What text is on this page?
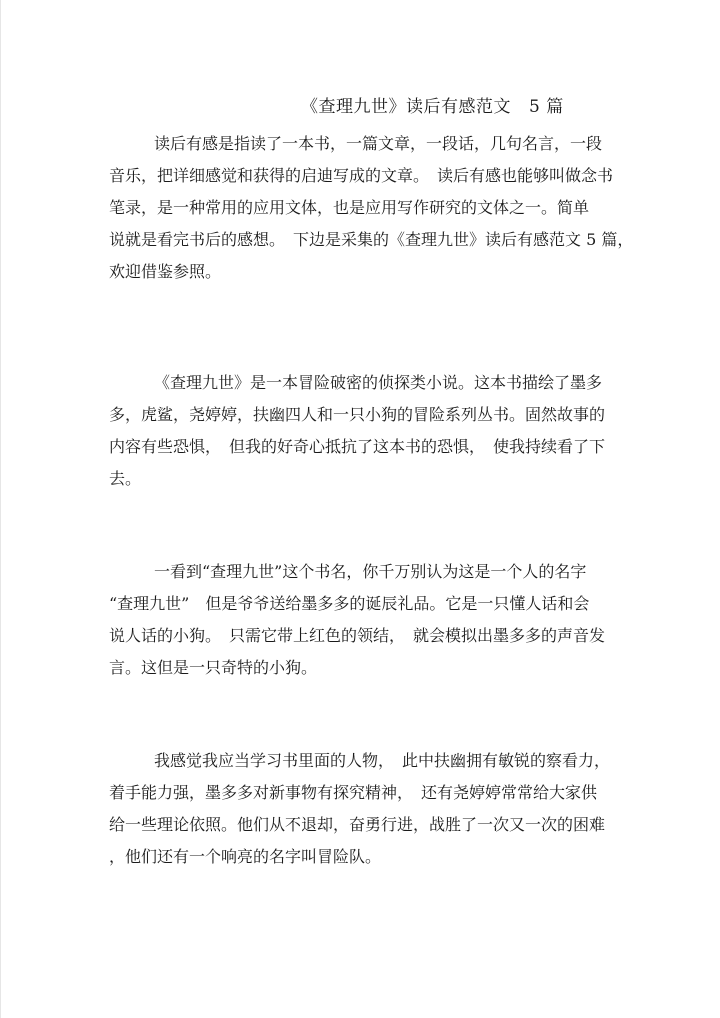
《查理九世》读后有感范文 5 篇
读后有感是指读了一本书，一篇文章，一段话，几句名言，一段
音乐，把详细感觉和获得的启迪写成的文章。　读后有感也能够叫做念书
笔录，是一种常用的应用文体，也是应用写作研究的文体之一。简单
说就是看完书后的感想。　下边是采集的《查理九世》读后有感范文 5 篇，
欢迎借鉴参照。
《查理九世》是一本冒险破密的侦探类小说。这本书描绘了墨多
多，虎鲨，尧婷婷，扶幽四人和一只小狗的冒险系列丛书。固然故事的
内容有些恐惧，　但我的好奇心抵抗了这本书的恐惧，　使我持续看了下
去。
一看到“查理九世”这个书名，你千万别认为这是一个人的名字
“查理九世”　但是爷爷送给墨多多的诞辰礼品。它是一只懂人话和会
说人话的小狗。　只需它带上红色的领结，　就会模拟出墨多多的声音发
言。这但是一只奇特的小狗。
我感觉我应当学习书里面的人物，　此中扶幽拥有敏锐的察看力，
着手能力强，墨多多对新事物有探究精神，　还有尧婷婷常常给大家供
给一些理论依照。他们从不退却，奋勇行进，战胜了一次又一次的困难
，他们还有一个响亮的名字叫冒险队。
